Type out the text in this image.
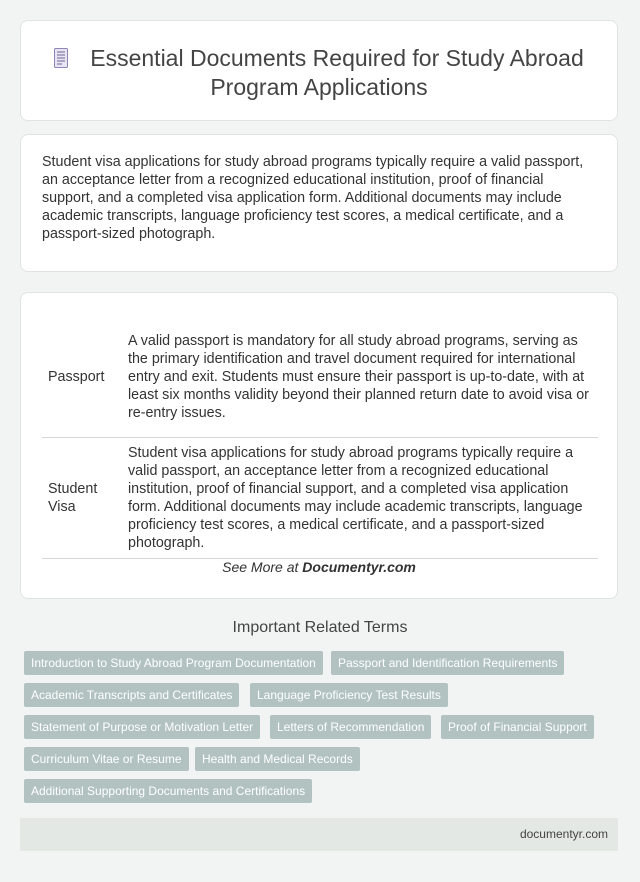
Essential Documents Required for Study Abroad Program Applications
Student visa applications for study abroad programs typically require a valid passport, an acceptance letter from a recognized educational institution, proof of financial support, and a completed visa application form. Additional documents may include academic transcripts, language proficiency test scores, a medical certificate, and a passport-sized photograph.
Passport	A valid passport is mandatory for all study abroad programs, serving as the primary identification and travel document required for international entry and exit. Students must ensure their passport is up-to-date, with at least six months validity beyond their planned return date to avoid visa or re-entry issues.
Student Visa	Student visa applications for study abroad programs typically require a valid passport, an acceptance letter from a recognized educational institution, proof of financial support, and a completed visa application form. Additional documents may include academic transcripts, language proficiency test scores, a medical certificate, and a passport-sized photograph.
See More at Documentyr.com
Important Related Terms
Introduction to Study Abroad Program Documentation	Passport and Identification Requirements
Academic Transcripts and Certificates	Language Proficiency Test Results
Statement of Purpose or Motivation Letter	Letters of Recommendation	Proof of Financial Support
Curriculum Vitae or Resume	Health and Medical Records
Additional Supporting Documents and Certifications
documentyr.com
